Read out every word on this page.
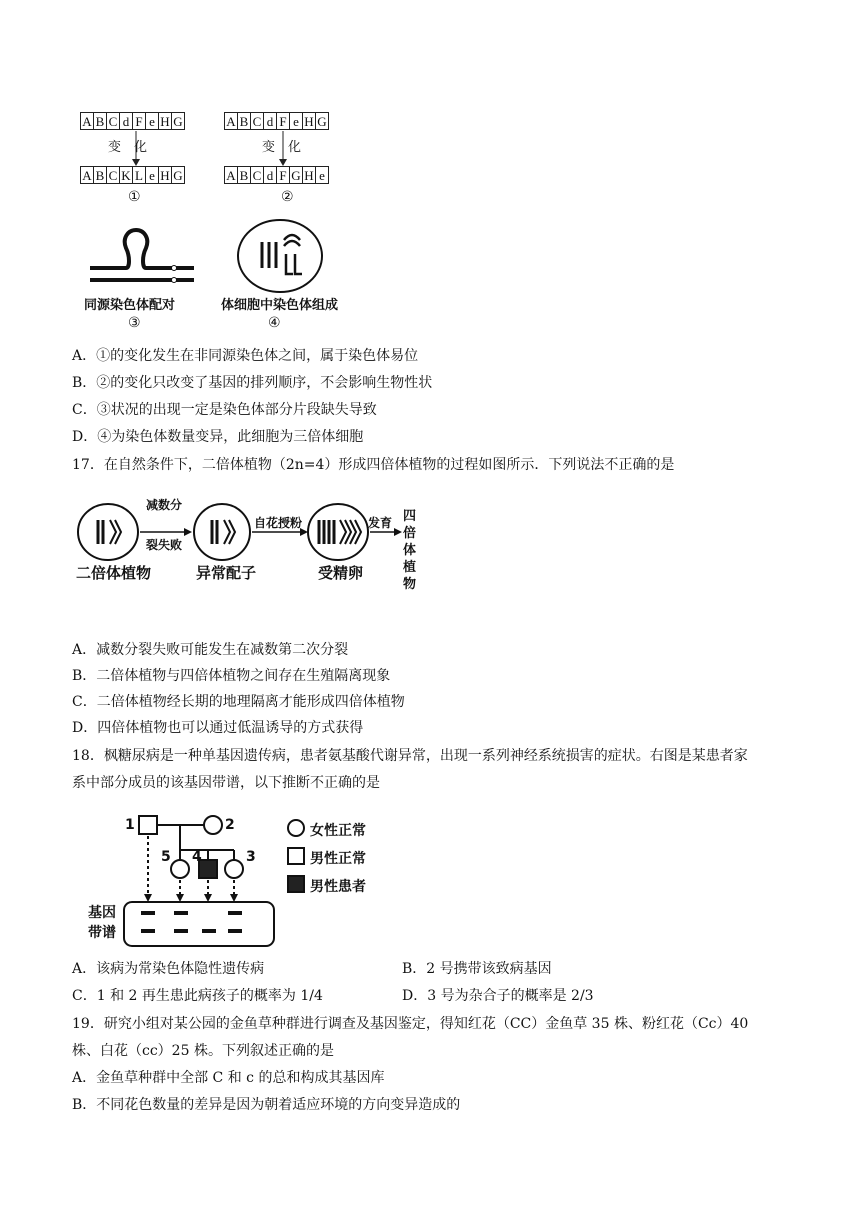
A B C d F e H G
变　化
A B C K L e H G
①
A B C d F e H G
变　化
A B C d F G H e
②
同源染色体配对
③
体细胞中染色体组成
④
A．①的变化发生在非同源染色体之间，属于染色体易位
B．②的变化只改变了基因的排列顺序，不会影响生物性状
C．③状况的出现一定是染色体部分片段缺失导致
D．④为染色体数量变异，此细胞为三倍体细胞
17．在自然条件下，二倍体植物（2n=4）形成四倍体植物的过程如图所示．下列说法不正确的是
减数分
裂失败
自花授粉	发育 四倍体植物
二倍体植物	异常配子	受精卵
A．减数分裂失败可能发生在减数第二次分裂
B．二倍体植物与四倍体植物之间存在生殖隔离现象
C．二倍体植物经长期的地理隔离才能形成四倍体植物
D．四倍体植物也可以通过低温诱导的方式获得
18．枫糖尿病是一种单基因遗传病，患者氨基酸代谢异常，出现一系列神经系统损害的症状。右图是某患者家
系中部分成员的该基因带谱，以下推断不正确的是
1	2
3
4
5
基因
带谱
女性正常
男性正常
男性患者
A．该病为常染色体隐性遗传病	B．2 号携带该致病基因
C．1 和 2 再生患此病孩子的概率为 1/4	D．3 号为杂合子的概率是 2/3
19．研究小组对某公园的金鱼草种群进行调查及基因鉴定，得知红花（CC）金鱼草 35 株、粉红花（Cc）40
株、白花（cc）25 株。下列叙述正确的是
A．金鱼草种群中全部 C 和 c 的总和构成其基因库
B．不同花色数量的差异是因为朝着适应环境的方向变异造成的
